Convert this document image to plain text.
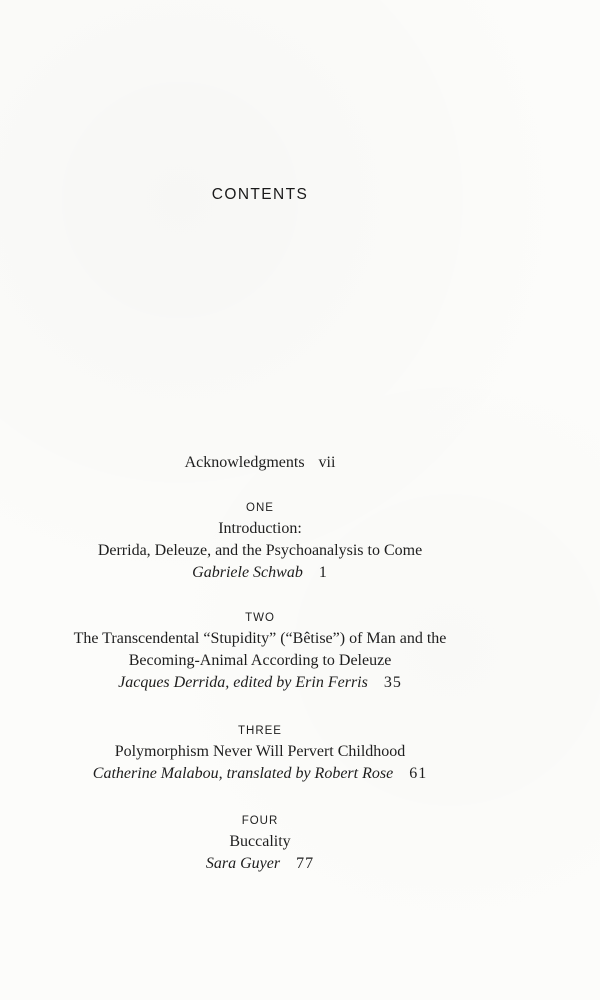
CONTENTS
Acknowledgments vii
ONE
Introduction:
Derrida, Deleuze, and the Psychoanalysis to Come
Gabriele Schwab 1
TWO
The Transcendental “Stupidity” (“Bêtise”) of Man and the
Becoming-Animal According to Deleuze
Jacques Derrida, edited by Erin Ferris 35
THREE
Polymorphism Never Will Pervert Childhood
Catherine Malabou, translated by Robert Rose 61
FOUR
Buccality
Sara Guyer 77
